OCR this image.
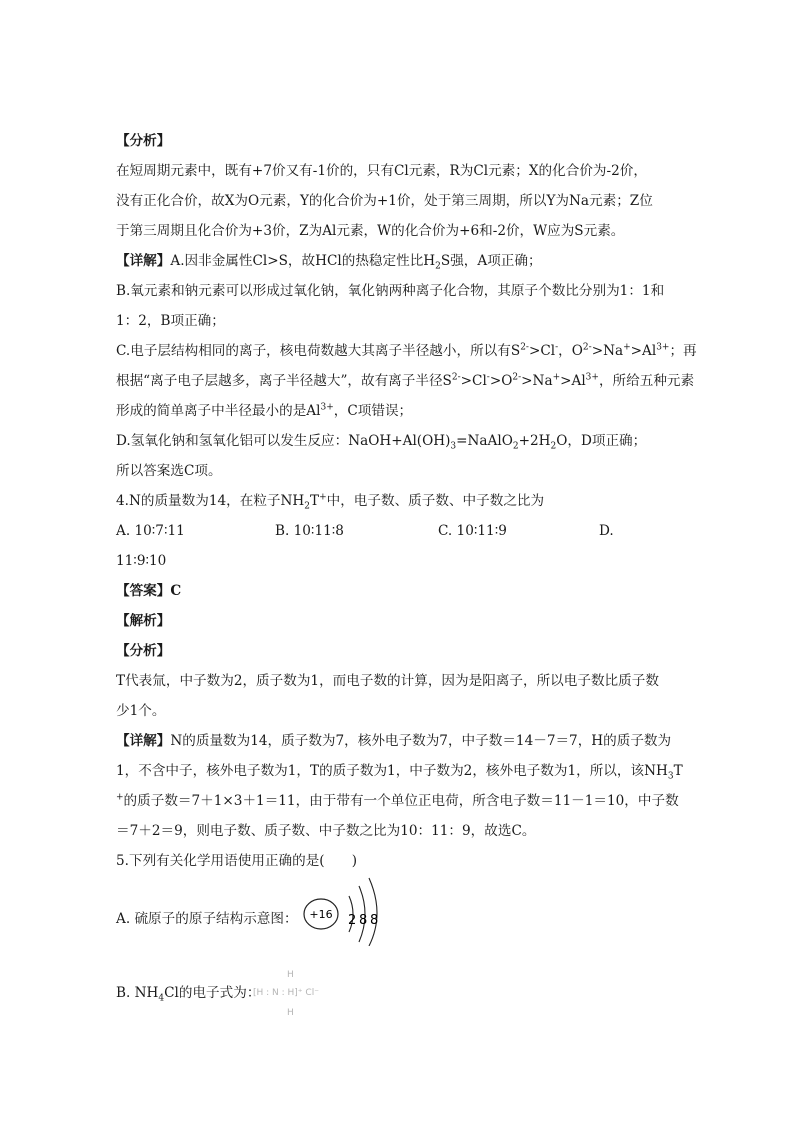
【分析】
在短周期元素中，既有+7价又有-1价的，只有Cl元素，R为Cl元素；X的化合价为-2价，
没有正化合价，故X为O元素，Y的化合价为+1价，处于第三周期，所以Y为Na元素；Z位
于第三周期且化合价为+3价，Z为Al元素，W的化合价为+6和-2价，W应为S元素。
【详解】A.因非金属性Cl>S，故HCl的热稳定性比$H_2S$强，A项正确；
B.氧元素和钠元素可以形成过氧化钠，氧化钠两种离子化合物，其原子个数比分别为1：1和
1：2，B项正确；
C.电子层结构相同的离子，核电荷数越大其离子半径越小，所以有$S^{2-}>Cl^-$，$O^{2-}>Na^+>Al^{3+}$；再
根据“离子电子层越多，离子半径越大”，故有离子半径$S^{2-}>Cl^->O^{2-}>Na^+>Al^{3+}$，所给五种元素
形成的简单离子中半径最小的是$Al^{3+}$，C项错误；
D.氢氧化钠和氢氧化铝可以发生反应：$NaOH+Al(OH)_3=NaAlO_2+2H_2O$，D项正确；
所以答案选C项。
4.N的质量数为14，在粒子$NH_2T^+$中，电子数、质子数、中子数之比为
A. 10∶7∶11	B. 10∶11∶8	C. 10∶11∶9	D.
11∶9∶10
【答案】C
【解析】
【分析】
T代表氚，中子数为2，质子数为1，而电子数的计算，因为是阳离子，所以电子数比质子数
少1个。
【详解】N的质量数为14，质子数为7，核外电子数为7，中子数＝14－7＝7，H的质子数为
1，不含中子，核外电子数为1，T的质子数为1，中子数为2，核外电子数为1，所以，该$NH_3T$
+的质子数＝7＋1×3＋1＝11，由于带有一个单位正电荷，所含电子数＝11－1＝10，中子数
＝7＋2＝9，则电子数、质子数、中子数之比为10：11：9，故选C。
5.下列有关化学用语使用正确的是(　　)
A. 硫原子的原子结构示意图： +16 2 8 8
B. $NH_4Cl$的电子式为：
H
[H : N : H]⁺ Cl⁻
H
